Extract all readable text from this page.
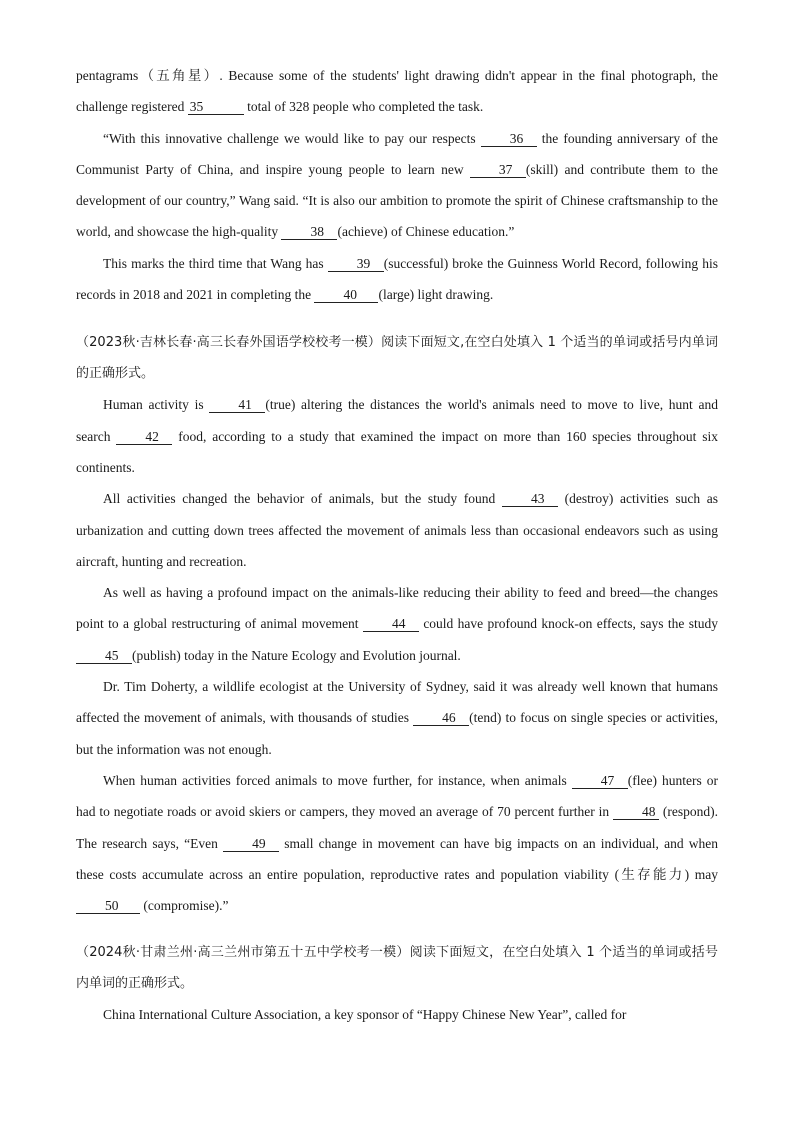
pentagrams（五角星）. Because some of the students' light drawing didn't appear in the final photograph, the challenge registered 35	total of 328 people who completed the task.

“With this innovative challenge we would like to pay our respects 36 the founding anniversary of the Communist Party of China, and inspire young people to learn new 37 (skill) and contribute them to the development of our country,” Wang said. “It is also our ambition to promote the spirit of Chinese craftsmanship to the world, and showcase the high-quality 38 (achieve) of Chinese education.”

This marks the third time that Wang has 39 (successful) broke the Guinness World Record, following his records in 2018 and 2021 in completing the 40 (large) light drawing.

（2023秋·吉林长春·高三长春外国语学校校考一模）阅读下面短文,在空白处填入 1 个适当的单词或括号内单词的正确形式。

Human activity is 41 (true) altering the distances the world's animals need to move to live, hunt and search 42 food, according to a study that examined the impact on more than 160 species throughout six continents.

All activities changed the behavior of animals, but the study found 43 (destroy) activities such as urbanization and cutting down trees affected the movement of animals less than occasional endeavors such as using aircraft, hunting and recreation.

As well as having a profound impact on the animals-like reducing their ability to feed and breed—the changes point to a global restructuring of animal movement 44 could have profound knock-on effects, says the study 45 (publish) today in the Nature Ecology and Evolution journal.

Dr. Tim Doherty, a wildlife ecologist at the University of Sydney, said it was already well known that humans affected the movement of animals, with thousands of studies 46 (tend) to focus on single species or activities, but the information was not enough.

When human activities forced animals to move further, for instance, when animals 47 (flee) hunters or had to negotiate roads or avoid skiers or campers, they moved an average of 70 percent further in 48 (respond). The research says, “Even 49 small change in movement can have big impacts on an individual, and when these costs accumulate across an entire population, reproductive rates and population viability (生存能力) may 50 (compromise).”

（2024秋·甘肃兰州·高三兰州市第五十五中学校考一模）阅读下面短文，在空白处填入 1 个适当的单词或括号内单词的正确形式。

China International Culture Association, a key sponsor of “Happy Chinese New Year”, called for
